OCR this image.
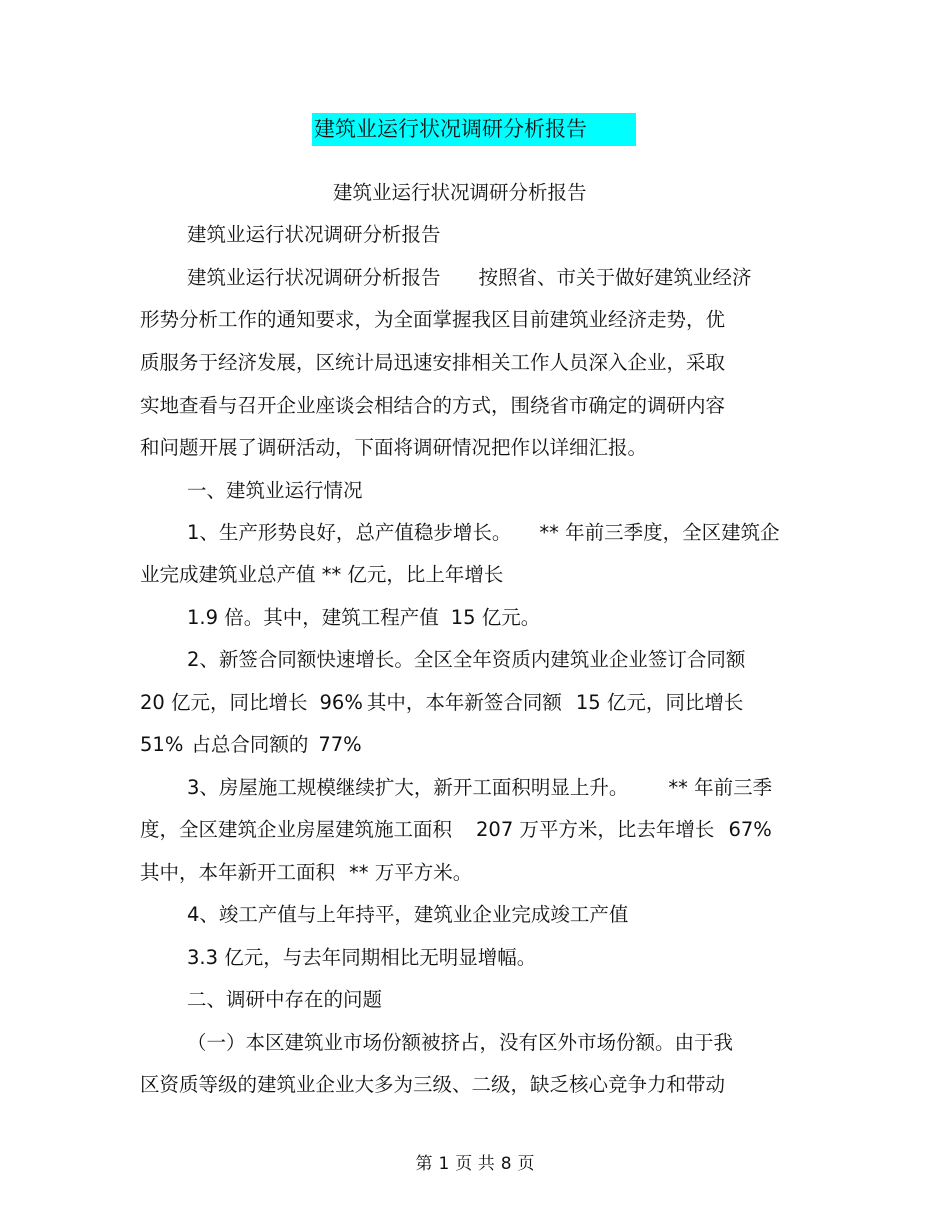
建筑业运行状况调研分析报告
建筑业运行状况调研分析报告
建筑业运行状况调研分析报告
建筑业运行状况调研分析报告 按照省、市关于做好建筑业经济
形势分析工作的通知要求，为全面掌握我区目前建筑业经济走势，优
质服务于经济发展，区统计局迅速安排相关工作人员深入企业，采取
实地查看与召开企业座谈会相结合的方式，围绕省市确定的调研内容
和问题开展了调研活动，下面将调研情况把作以详细汇报。
一、建筑业运行情况
1、生产形势良好，总产值稳步增长。 ** 年前三季度，全区建筑企
业完成建筑业总产值 ** 亿元，比上年增长
1.9 倍。其中，建筑工程产值 15 亿元。
2、新签合同额快速增长。全区全年资质内建筑业企业签订合同额
20 亿元，同比增长 96% 其中，本年新签合同额 15 亿元，同比增长
51% 占总合同额的 77%
3、房屋施工规模继续扩大，新开工面积明显上升。 ** 年前三季
度，全区建筑企业房屋建筑施工面积 207 万平方米，比去年增长 67%
其中，本年新开工面积 ** 万平方米。
4、竣工产值与上年持平，建筑业企业完成竣工产值
3.3 亿元，与去年同期相比无明显增幅。
二、调研中存在的问题
（一）本区建筑业市场份额被挤占，没有区外市场份额。由于我
区资质等级的建筑业企业大多为三级、二级，缺乏核心竞争力和带动
第 1 页 共 8 页
